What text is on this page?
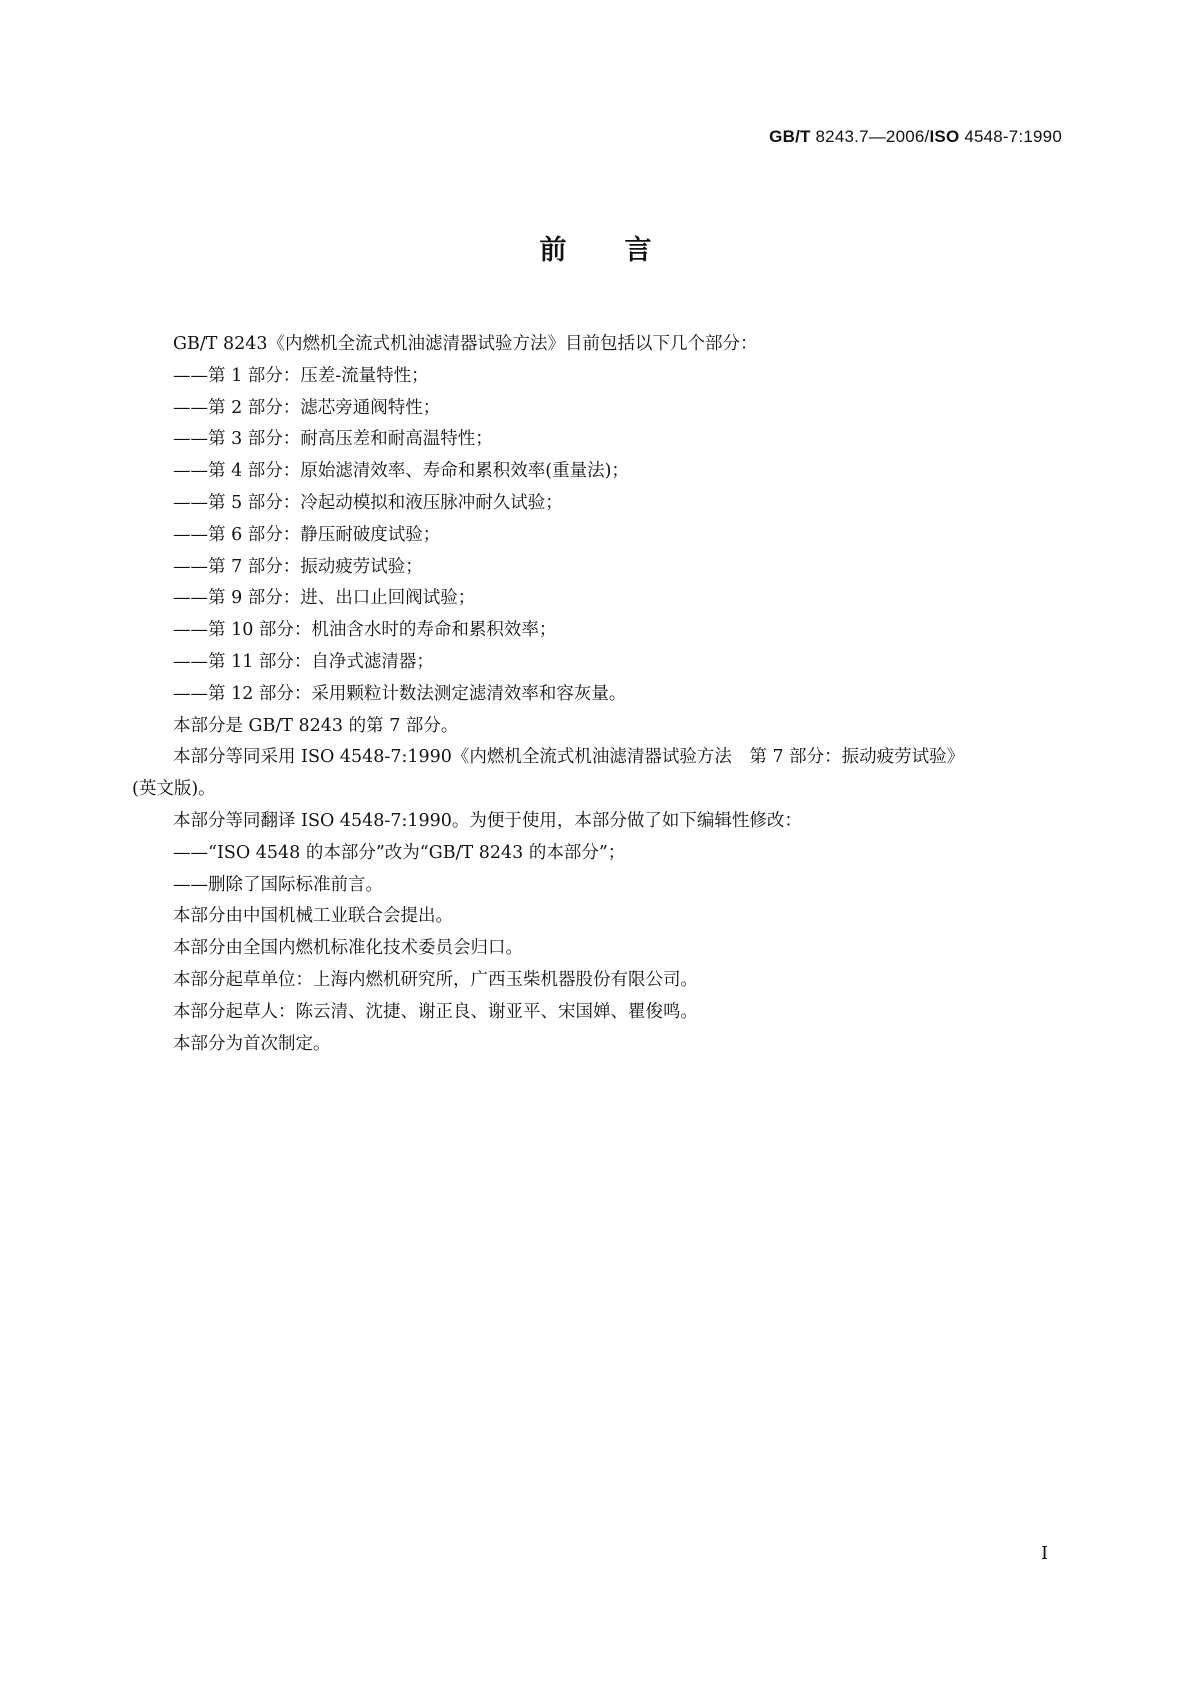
GB/T 8243.7—2006/ISO 4548-7:1990
前言

GB/T 8243《内燃机全流式机油滤清器试验方法》目前包括以下几个部分：

——第 1 部分：压差-流量特性；

——第 2 部分：滤芯旁通阀特性；

——第 3 部分：耐高压差和耐高温特性；

——第 4 部分：原始滤清效率、寿命和累积效率(重量法)；

——第 5 部分：冷起动模拟和液压脉冲耐久试验；

——第 6 部分：静压耐破度试验；

——第 7 部分：振动疲劳试验；

——第 9 部分：进、出口止回阀试验；

——第 10 部分：机油含水时的寿命和累积效率；

——第 11 部分：自净式滤清器；

——第 12 部分：采用颗粒计数法测定滤清效率和容灰量。

本部分是 GB/T 8243 的第 7 部分。

本部分等同采用 ISO 4548-7:1990《内燃机全流式机油滤清器试验方法　第 7 部分：振动疲劳试验》

(英文版)。

本部分等同翻译 ISO 4548-7:1990。为便于使用，本部分做了如下编辑性修改：

——“ISO 4548 的本部分”改为“GB/T 8243 的本部分”；

——删除了国际标准前言。

本部分由中国机械工业联合会提出。

本部分由全国内燃机标准化技术委员会归口。

本部分起草单位：上海内燃机研究所，广西玉柴机器股份有限公司。

本部分起草人：陈云清、沈捷、谢正良、谢亚平、宋国婵、瞿俊鸣。

本部分为首次制定。

I
